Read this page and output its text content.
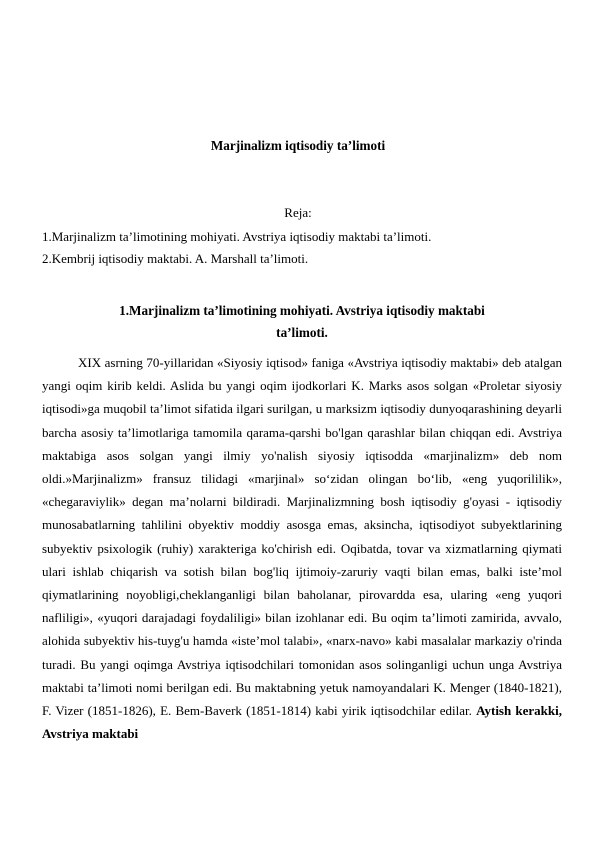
Marjinalizm iqtisodiy ta’limoti
Reja:
1.Marjinalizm ta’limotining mohiyati. Avstriya iqtisodiy maktabi ta’limoti.
2.Kembrij iqtisodiy maktabi. A. Marshall ta’limoti.
1.Marjinalizm ta’limotining mohiyati. Avstriya iqtisodiy maktabi
ta’limoti.
XIX asrning 70-yillaridan «Siyosiy iqtisod» faniga «Avstriya iqtisodiy maktabi» deb atalgan yangi oqim kirib keldi. Aslida bu yangi oqim ijodkorlari K. Marks asos solgan «Proletar siyosiy iqtisodi»ga muqobil ta’limot sifatida ilgari surilgan, u marksizm iqtisodiy dunyoqarashining deyarli barcha asosiy ta’limotlariga tamomila qarama-qarshi bo'lgan qarashlar bilan chiqqan edi. Avstriya maktabiga asos solgan yangi ilmiy yo'nalish siyosiy iqtisodda «marjinalizm» deb nom oldi.»Marjinalizm» fransuz tilidagi «marjinal» so‘zidan olingan bo‘lib, «eng yuqorililik», «chegaraviylik» degan ma’nolarni bildiradi. Marjinalizmning bosh iqtisodiy g'oyasi - iqtisodiy munosabatlarning tahlilini obyektiv moddiy asosga emas, aksincha, iqtisodiyot subyektlarining subyektiv psixologik (ruhiy) xarakteriga ko'chirish edi. Oqibatda, tovar va xizmatlarning qiymati ulari ishlab chiqarish va sotish bilan bog'liq ijtimoiy-zaruriy vaqti bilan emas, balki iste’mol qiymatlarining noyobligi,cheklanganligi bilan baholanar, pirovardda esa, ularing «eng yuqori nafliligi», «yuqori darajadagi foydaliligi» bilan izohlanar edi. Bu oqim ta’limoti zamirida, avvalo, alohida subyektiv his-tuyg'u hamda «iste’mol talabi», «narx-navo» kabi masalalar markaziy o'rinda turadi. Bu yangi oqimga Avstriya iqtisodchilari tomonidan asos solinganligi uchun unga Avstriya maktabi ta’limoti nomi berilgan edi. Bu maktabning yetuk namoyandalari K. Menger (1840-1821), F. Vizer (1851-1826), E. Bem-Baverk (1851-1814) kabi yirik iqtisodchilar edilar. Aytish kerakki, Avstriya maktabi
